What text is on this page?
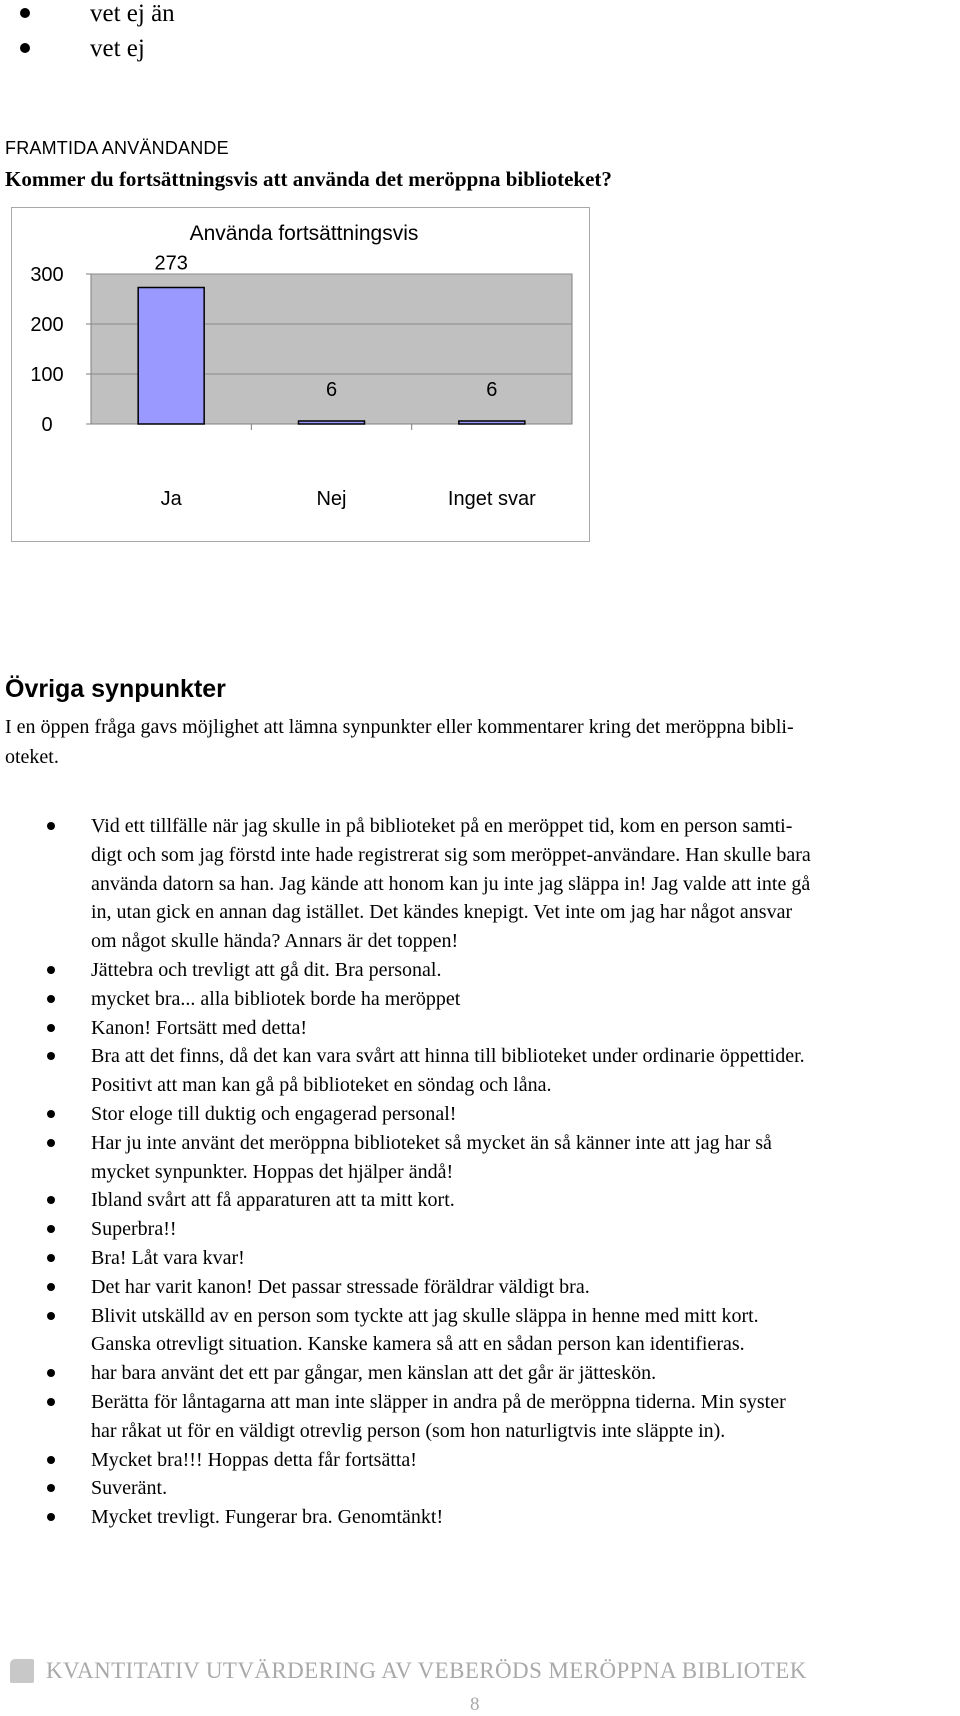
vet ej än
vet ej
FRAMTIDA ANVÄNDANDE
Kommer du fortsättningsvis att använda det meröppna biblioteket?
Använda fortsättningsvis
0
100
200
300
273
Ja
6
Nej
6
Inget svar
Övriga synpunkter
I en öppen fråga gavs möjlighet att lämna synpunkter eller kommentarer kring det meröppna bibli-
oteket.
Vid ett tillfälle när jag skulle in på biblioteket på en meröppet tid, kom en person samti-
digt och som jag förstd inte hade registrerat sig som meröppet-användare. Han skulle bara
använda datorn sa han. Jag kände att honom kan ju inte jag släppa in! Jag valde att inte gå
in, utan gick en annan dag istället. Det kändes knepigt. Vet inte om jag har något ansvar
om något skulle hända? Annars är det toppen!
Jättebra och trevligt att gå dit. Bra personal.
mycket bra... alla bibliotek borde ha meröppet
Kanon! Fortsätt med detta!
Bra att det finns, då det kan vara svårt att hinna till biblioteket under ordinarie öppettider.
Positivt att man kan gå på biblioteket en söndag och låna.
Stor eloge till duktig och engagerad personal!
Har ju inte använt det meröppna biblioteket så mycket än så känner inte att jag har så
mycket synpunkter. Hoppas det hjälper ändå!
Ibland svårt att få apparaturen att ta mitt kort.
Superbra!!
Bra! Låt vara kvar!
Det har varit kanon! Det passar stressade föräldrar väldigt bra.
Blivit utskälld av en person som tyckte att jag skulle släppa in henne med mitt kort.
Ganska otrevligt situation. Kanske kamera så att en sådan person kan identifieras.
har bara använt det ett par gångar, men känslan att det går är jätteskön.
Berätta för låntagarna att man inte släpper in andra på de meröppna tiderna. Min syster
har råkat ut för en väldigt otrevlig person (som hon naturligtvis inte släppte in).
Mycket bra!!! Hoppas detta får fortsätta!
Suveränt.
Mycket trevligt. Fungerar bra. Genomtänkt!
KVANTITATIV UTVÄRDERING AV VEBERÖDS MERÖPPNA BIBLIOTEK
8
